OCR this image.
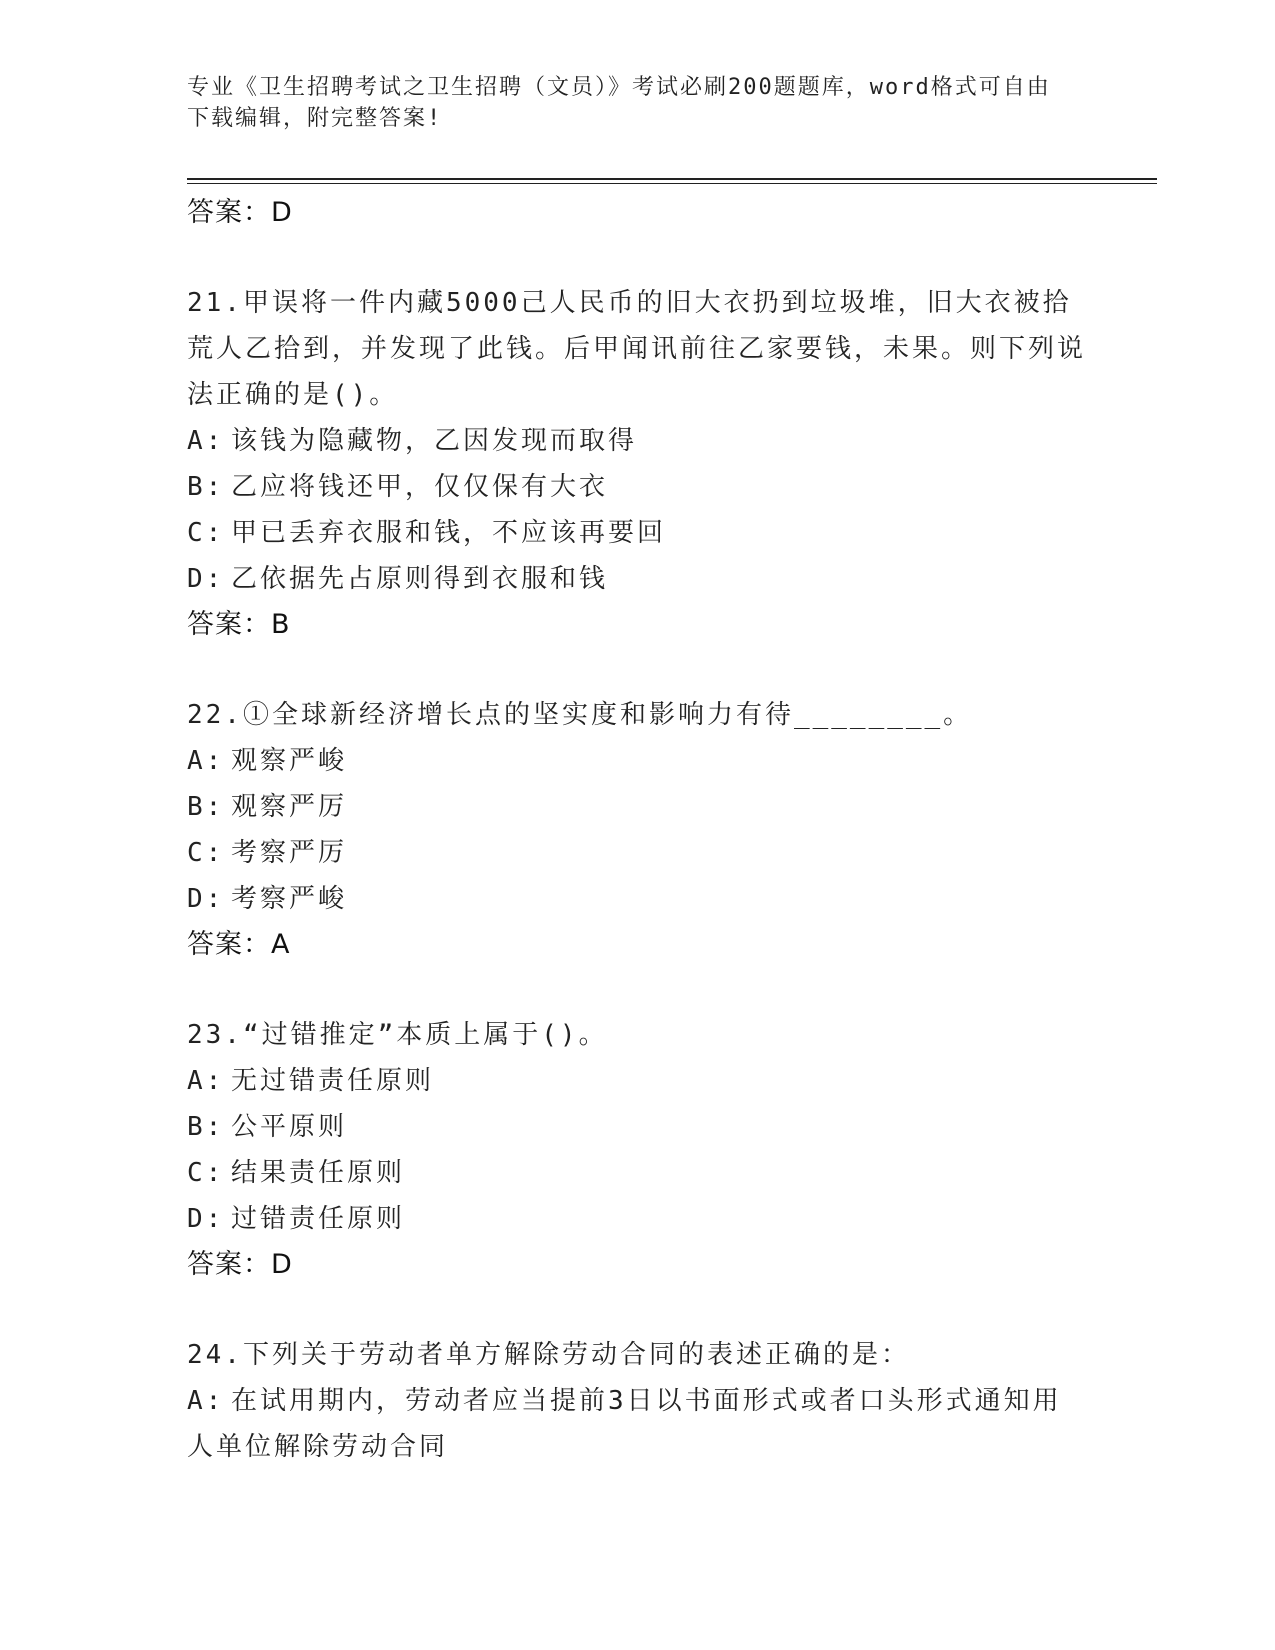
专业《卫生招聘考试之卫生招聘（文员）》考试必刷200题题库，word格式可自由下载编辑，附完整答案!
答案：D
21.甲误将一件内藏5000己人民币的旧大衣扔到垃圾堆，旧大衣被拾荒人乙拾到，并发现了此钱。后甲闻讯前往乙家要钱，未果。则下列说法正确的是()。
A: 该钱为隐藏物，乙因发现而取得
B: 乙应将钱还甲，仅仅保有大衣
C: 甲已丢弃衣服和钱，不应该再要回
D: 乙依据先占原则得到衣服和钱
答案：B
22.①全球新经济增长点的坚实度和影响力有待________。
A: 观察严峻
B: 观察严厉
C: 考察严厉
D: 考察严峻
答案：A
23.“过错推定”本质上属于()。
A: 无过错责任原则
B: 公平原则
C: 结果责任原则
D: 过错责任原则
答案：D
24.下列关于劳动者单方解除劳动合同的表述正确的是：
A: 在试用期内，劳动者应当提前3日以书面形式或者口头形式通知用人单位解除劳动合同
